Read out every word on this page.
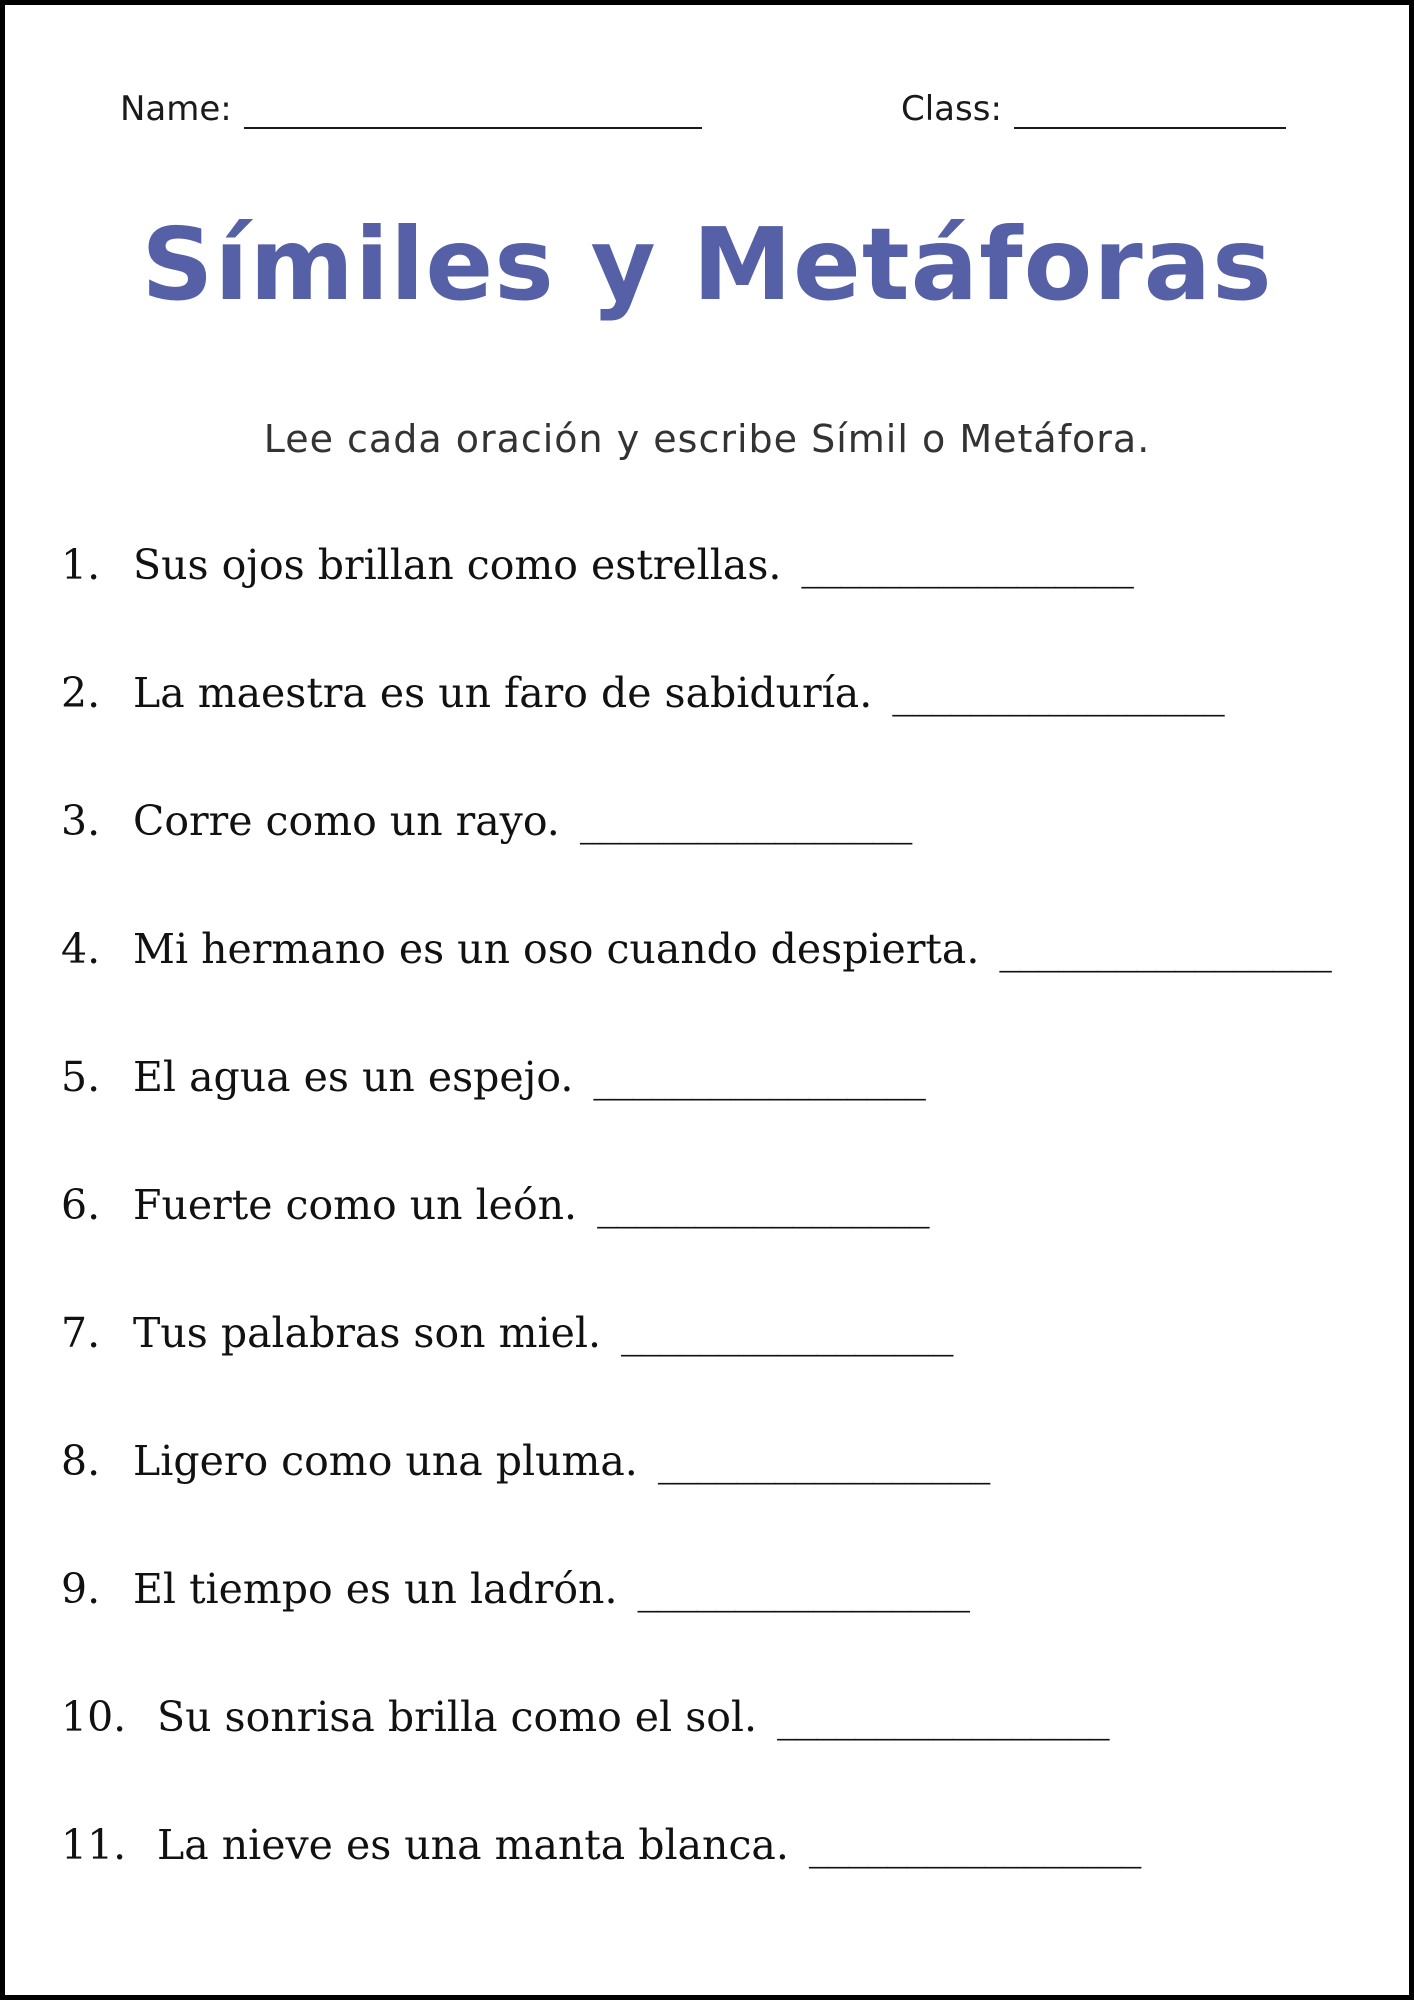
Name:	Class:
Símiles y Metáforas

Lee cada oración y escribe Símil o Metáfora.

1. Sus ojos brillan como estrellas. _________________
2. La maestra es un faro de sabiduría. _________________
3. Corre como un rayo. _________________
4. Mi hermano es un oso cuando despierta. _________________
5. El agua es un espejo. _________________
6. Fuerte como un león. _________________
7. Tus palabras son miel. _________________
8. Ligero como una pluma. _________________
9. El tiempo es un ladrón. _________________
10. Su sonrisa brilla como el sol. _________________
11. La nieve es una manta blanca. _________________
